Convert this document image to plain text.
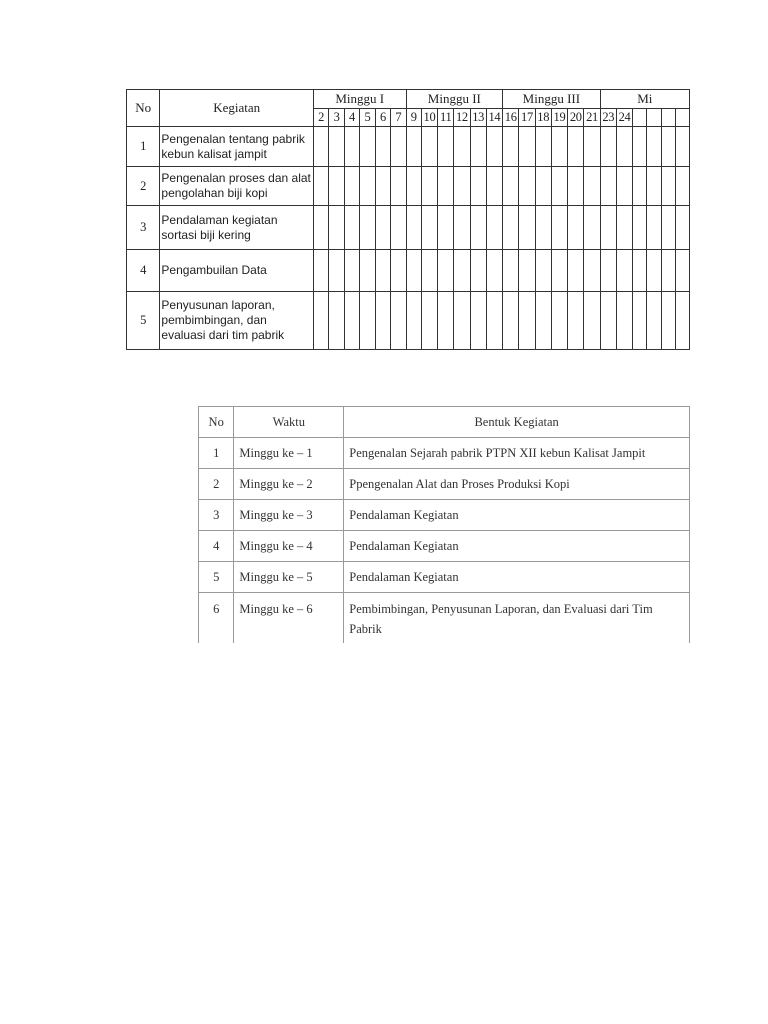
No	Kegiatan	Minggu I						Minggu II						Minggu III						Mi					
		2	3	4	5	6	7	9	10	11	12	13	14	16	17	18	19	20	21	23	24				
1	Pengenalan tentang pabrik kebun kalisat jampit																								
2	Pengenalan proses dan alat pengolahan biji kopi																								
3	Pendalaman kegiatan sortasi biji kering																								
4	Pengambuilan Data																								
5	Penyusunan laporan, pembimbingan, dan evaluasi dari tim pabrik																								
No	Waktu	Bentuk Kegiatan
1	Minggu ke – 1	Pengenalan Sejarah pabrik PTPN XII kebun Kalisat Jampit
2	Minggu ke – 2	Ppengenalan Alat dan Proses Produksi Kopi
3	Minggu ke – 3	Pendalaman Kegiatan
4	Minggu ke – 4	Pendalaman Kegiatan
5	Minggu ke – 5	Pendalaman Kegiatan
6	Minggu ke – 6	Pembimbingan, Penyusunan Laporan, dan Evaluasi dari Tim Pabrik
